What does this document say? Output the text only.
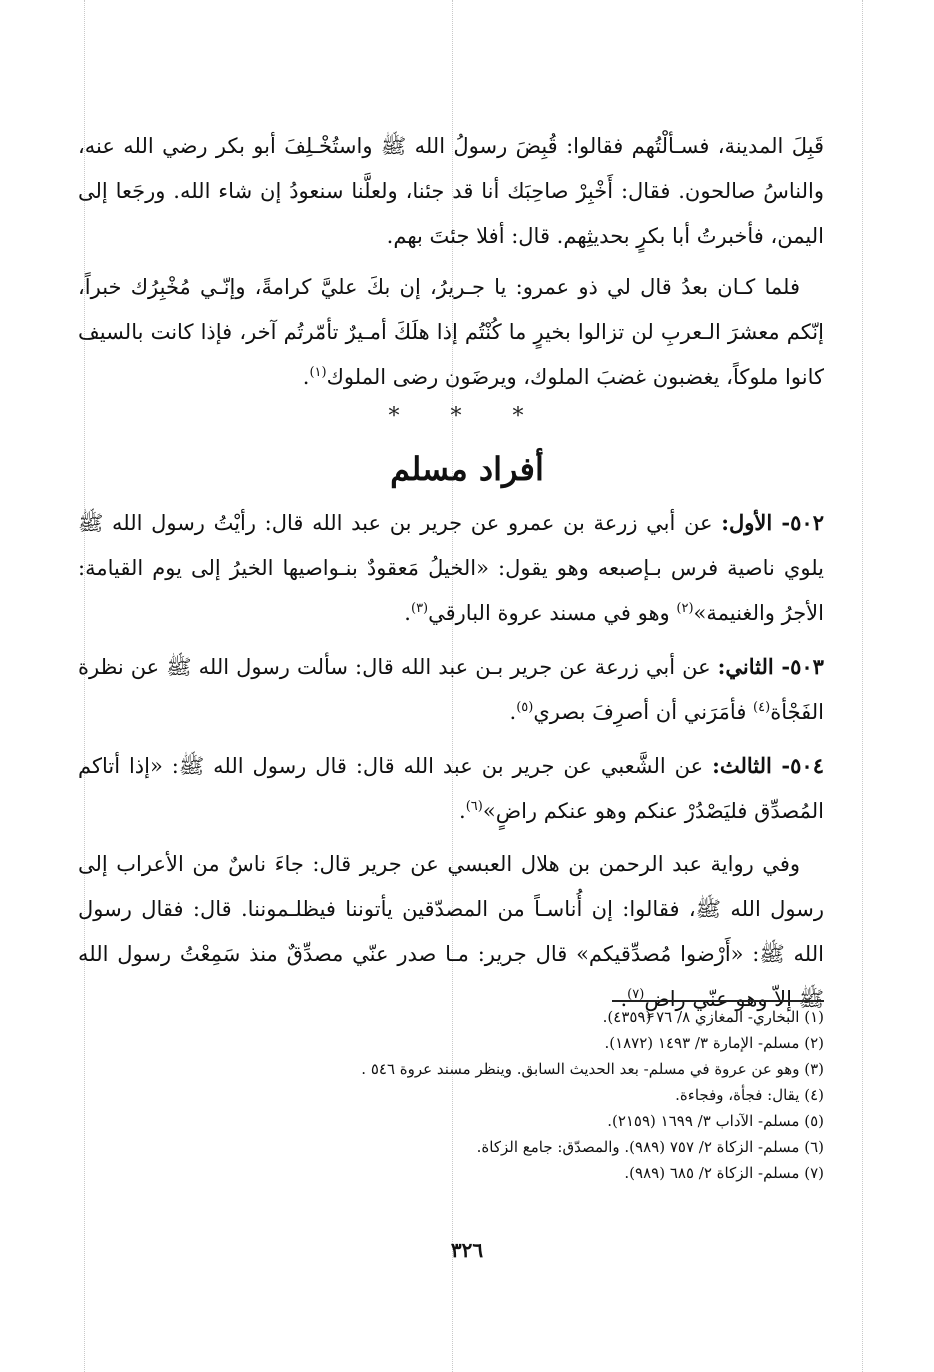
قَبِلَ المدينة، فسـألْتُهم فقالوا: قُبِضَ رسولُ الله ﷺ واستُخْـلِفَ أبو بكر رضي الله عنه، والناسُ صالحون. فقال: أَخْبِرْ صاحِبَك أنا قد جئنا، ولعلَّنا سنعودُ إن شاء الله. ورجَعا إلى اليمن، فأخبرتُ أبا بكرٍ بحديثِهم. قال: أفلا جئتَ بهم.

فلما كـان بعدُ قال لي ذو عمرو: يا جـريرُ، إن بكَ عليَّ كرامةً، وإنّـي مُخْبِرُك خبراً، إنّكم معشرَ الـعربِ لن تزالوا بخيرٍ ما كُنْتُم إذا هلَكَ أمـيرٌ تأمّرتُم آخر، فإذا كانت بالسيف كانوا ملوكاً، يغضبون غضبَ الملوك، ويرضَون رضى الملوك$^{(١)}$.

* * *
أفراد مسلم

٥٠٢- الأول: عن أبي زرعة بن عمرو عن جرير بن عبد الله قال: رأيْتُ رسول الله ﷺ يلوي ناصية فرس بـإصبعه وهو يقول: «الخيلُ مَعقودٌ بنـواصيها الخيرُ إلى يوم القيامة: الأجرُ والغنيمة»$^{(٢)}$ وهو في مسند عروة البارقي$^{(٣)}$.

٥٠٣- الثاني: عن أبي زرعة عن جرير بـن عبد الله قال: سألت رسول الله ﷺ عن نظرة الفَجْأة$^{(٤)}$ فأمَرَني أن أصرِفَ بصري$^{(٥)}$.

٥٠٤- الثالث: عن الشَّعبي عن جرير بن عبد الله قال: قال رسول الله ﷺ: «إذا أتاكم المُصدِّق فليَصْدُرْ عنكم وهو عنكم راضٍ»$^{(٦)}$.

وفي رواية عبد الرحمن بن هلال العبسي عن جرير قال: جاءَ ناسٌ من الأعراب إلى رسول الله ﷺ، فقالوا: إن أُناسـاً من المصدّقين يأتوننا فيظلـموننا. قال: فقال رسول الله ﷺ: «أَرْضوا مُصدِّقيكم» قال جرير: مـا صدر عنّي مصدِّقٌ منذ سَمِعْتُ رسول الله ﷺ إلاّ وهو عنّي راضٍ$^{(٧)}$.

(١) البخاري- المغازي ٨/ ٧٦ (٤٣٥٩).

(٢) مسلم- الإمارة ٣/ ١٤٩٣ (١٨٧٢).

(٣) وهو عن عروة في مسلم- بعد الحديث السابق. وينظر مسند عروة ٥٤٦ .

(٤) يقال: فجأة، وفجاءة.

(٥) مسلم- الآداب ٣/ ١٦٩٩ (٢١٥٩).

(٦) مسلم- الزكاة ٢/ ٧٥٧ (٩٨٩). والمصدّق: جامع الزكاة.

(٧) مسلم- الزكاة ٢/ ٦٨٥ (٩٨٩).

٣٢٦
